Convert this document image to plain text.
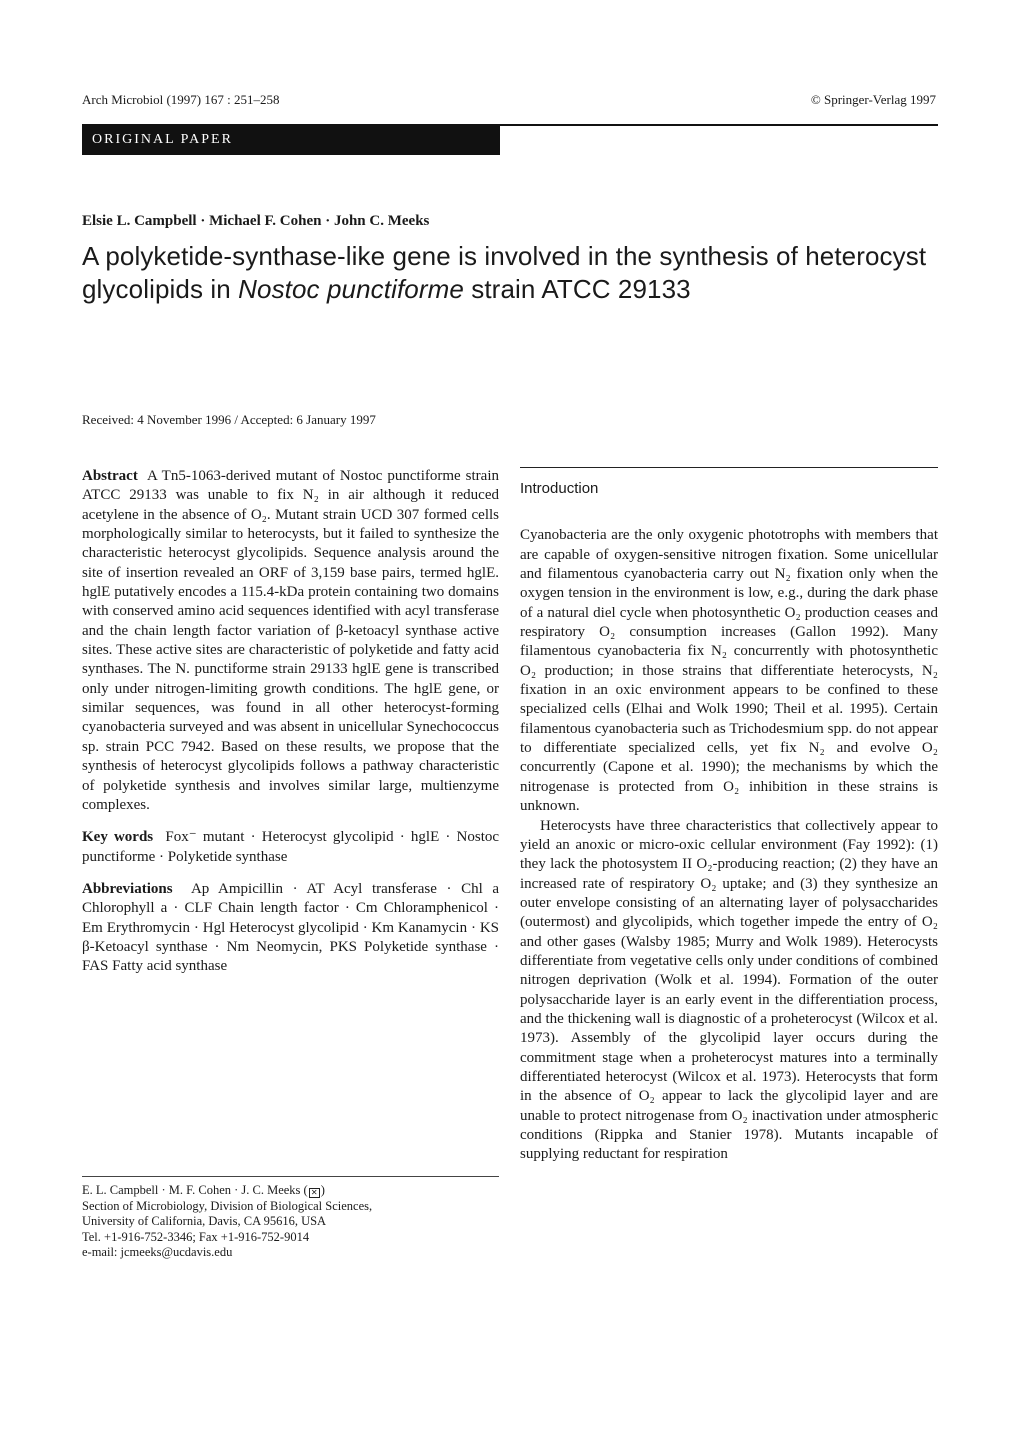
Arch Microbiol (1997) 167 : 251–258	© Springer-Verlag 1997
ORIGINAL PAPER
Elsie L. Campbell · Michael F. Cohen · John C. Meeks
A polyketide-synthase-like gene is involved in the synthesis of heterocyst glycolipids in Nostoc punctiforme strain ATCC 29133
Received: 4 November 1996 / Accepted: 6 January 1997

Abstract A Tn5-1063-derived mutant of Nostoc punctiforme strain ATCC 29133 was unable to fix N₂ in air although it reduced acetylene in the absence of O₂. Mutant strain UCD 307 formed cells morphologically similar to heterocysts, but it failed to synthesize the characteristic heterocyst glycolipids. Sequence analysis around the site of insertion revealed an ORF of 3,159 base pairs, termed hglE. hglE putatively encodes a 115.4-kDa protein containing two domains with conserved amino acid sequences identified with acyl transferase and the chain length factor variation of β-ketoacyl synthase active sites. These active sites are characteristic of polyketide and fatty acid synthases. The N. punctiforme strain 29133 hglE gene is transcribed only under nitrogen-limiting growth conditions. The hglE gene, or similar sequences, was found in all other heterocyst-forming cyanobacteria surveyed and was absent in unicellular Synechococcus sp. strain PCC 7942. Based on these results, we propose that the synthesis of heterocyst glycolipids follows a pathway characteristic of polyketide synthesis and involves similar large, multienzyme complexes.

Key words Fox⁻ mutant · Heterocyst glycolipid · hglE · Nostoc punctiforme · Polyketide synthase

Abbreviations Ap Ampicillin · AT Acyl transferase · Chl a Chlorophyll a · CLF Chain length factor · Cm Chloramphenicol · Em Erythromycin · Hgl Heterocyst glycolipid · Km Kanamycin · KS β-Ketoacyl synthase · Nm Neomycin, PKS Polyketide synthase · FAS Fatty acid synthase

E. L. Campbell · M. F. Cohen · J. C. Meeks ( ✕ )
Section of Microbiology, Division of Biological Sciences,
University of California, Davis, CA 95616, USA
Tel. +1-916-752-3346; Fax +1-916-752-9014
e-mail: jcmeeks@ucdavis.edu
Introduction

Cyanobacteria are the only oxygenic phototrophs with members that are capable of oxygen-sensitive nitrogen fixation. Some unicellular and filamentous cyanobacteria carry out N₂ fixation only when the oxygen tension in the environment is low, e.g., during the dark phase of a natural diel cycle when photosynthetic O₂ production ceases and respiratory O₂ consumption increases (Gallon 1992). Many filamentous cyanobacteria fix N₂ concurrently with photosynthetic O₂ production; in those strains that differentiate heterocysts, N₂ fixation in an oxic environment appears to be confined to these specialized cells (Elhai and Wolk 1990; Theil et al. 1995). Certain filamentous cyanobacteria such as Trichodesmium spp. do not appear to differentiate specialized cells, yet fix N₂ and evolve O₂ concurrently (Capone et al. 1990); the mechanisms by which the nitrogenase is protected from O₂ inhibition in these strains is unknown.

Heterocysts have three characteristics that collectively appear to yield an anoxic or micro-oxic cellular environment (Fay 1992): (1) they lack the photosystem II O₂-producing reaction; (2) they have an increased rate of respiratory O₂ uptake; and (3) they synthesize an outer envelope consisting of an alternating layer of polysaccharides (outermost) and glycolipids, which together impede the entry of O₂ and other gases (Walsby 1985; Murry and Wolk 1989). Heterocysts differentiate from vegetative cells only under conditions of combined nitrogen deprivation (Wolk et al. 1994). Formation of the outer polysaccharide layer is an early event in the differentiation process, and the thickening wall is diagnostic of a proheterocyst (Wilcox et al. 1973). Assembly of the glycolipid layer occurs during the commitment stage when a proheterocyst matures into a terminally differentiated heterocyst (Wilcox et al. 1973). Heterocysts that form in the absence of O₂ appear to lack the glycolipid layer and are unable to protect nitrogenase from O₂ inactivation under atmospheric conditions (Rippka and Stanier 1978). Mutants incapable of supplying reductant for respiration
